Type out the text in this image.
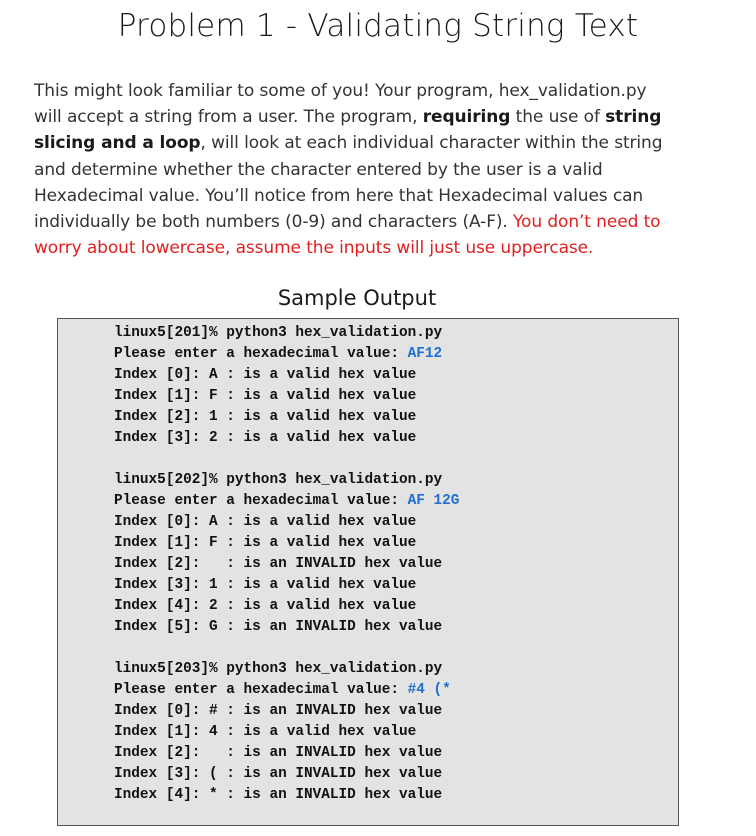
Problem 1 - Validating String Text
This might look familiar to some of you! Your program, hex_validation.py will accept a string from a user. The program, requiring the use of string slicing and a loop, will look at each individual character within the string and determine whether the character entered by the user is a valid Hexadecimal value. You’ll notice from here that Hexadecimal values can individually be both numbers (0-9) and characters (A-F). You don’t need to worry about lowercase, assume the inputs will just use uppercase.
Sample Output
linux5[201]% python3 hex_validation.py
Please enter a hexadecimal value: AF12
Index [0]: A : is a valid hex value
Index [1]: F : is a valid hex value
Index [2]: 1 : is a valid hex value
Index [3]: 2 : is a valid hex value
linux5[202]% python3 hex_validation.py
Please enter a hexadecimal value: AF 12G
Index [0]: A : is a valid hex value
Index [1]: F : is a valid hex value
Index [2]:   : is an INVALID hex value
Index [3]: 1 : is a valid hex value
Index [4]: 2 : is a valid hex value
Index [5]: G : is an INVALID hex value
linux5[203]% python3 hex_validation.py
Please enter a hexadecimal value: #4 (*
Index [0]: # : is an INVALID hex value
Index [1]: 4 : is a valid hex value
Index [2]:   : is an INVALID hex value
Index [3]: ( : is an INVALID hex value
Index [4]: * : is an INVALID hex value
